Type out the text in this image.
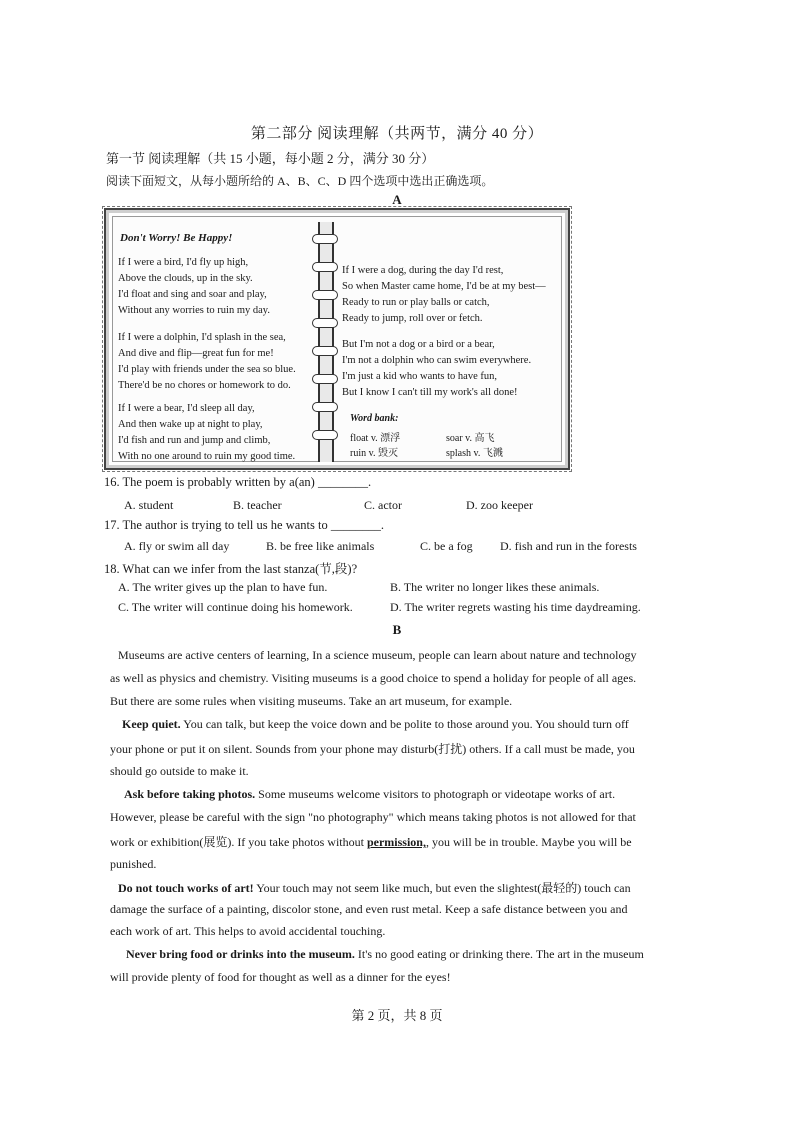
第二部分 阅读理解（共两节，满分 40 分）
第一节 阅读理解（共 15 小题，每小题 2 分，满分 30 分）
阅读下面短文，从每小题所给的 A、B、C、D 四个选项中选出正确选项。
A
Don't Worry! Be Happy!
If I were a bird, I'd fly up high,
Above the clouds, up in the sky.
I'd float and sing and soar and play,
Without any worries to ruin my day.
If I were a dolphin, I'd splash in the sea,
And dive and flip—great fun for me!
I'd play with friends under the sea so blue.
There'd be no chores or homework to do.
If I were a bear, I'd sleep all day,
And then wake up at night to play,
I'd fish and run and jump and climb,
With no one around to ruin my good time.
If I were a dog, during the day I'd rest,
So when Master came home, I'd be at my best—
Ready to run or play balls or catch,
Ready to jump, roll over or fetch.
But I'm not a dog or a bird or a bear,
I'm not a dolphin who can swim everywhere.
I'm just a kid who wants to have fun,
But I know I can't till my work's all done!
Word bank:
float v. 漂浮	soar v. 高飞
ruin v. 毁灭	splash v. 飞溅
16. The poem is probably written by a(an) ________.
A. student	B. teacher	C. actor	D. zoo keeper
17. The author is trying to tell us he wants to ________.
A. fly or swim all day	B. be free like animals	C. be a fog D. fish and run in the forests
18. What can we infer from the last stanza(节,段)?
A. The writer gives up the plan to have fun.	B. The writer no longer likes these animals.
C. The writer will continue doing his homework.	D. The writer regrets wasting his time daydreaming.
B
Museums are active centers of learning, In a science museum, people can learn about nature and technology
as well as physics and chemistry. Visiting museums is a good choice to spend a holiday for people of all ages.
But there are some rules when visiting museums. Take an art museum, for example.
Keep quiet. You can talk, but keep the voice down and be polite to those around you. You should turn off
your phone or put it on silent. Sounds from your phone may disturb(打扰) others. If a call must be made, you
should go outside to make it.
Ask before taking photos. Some museums welcome visitors to photograph or videotape works of art.
However, please be careful with the sign "no photography" which means taking photos is not allowed for that
work or exhibition(展览). If you take photos without permission,, you will be in trouble. Maybe you will be
punished.
Do not touch works of art! Your touch may not seem like much, but even the slightest(最轻的) touch can
damage the surface of a painting, discolor stone, and even rust metal. Keep a safe distance between you and
each work of art. This helps to avoid accidental touching.
Never bring food or drinks into the museum. It's no good eating or drinking there. The art in the museum
will provide plenty of food for thought as well as a dinner for the eyes!
第 2 页，共 8 页
